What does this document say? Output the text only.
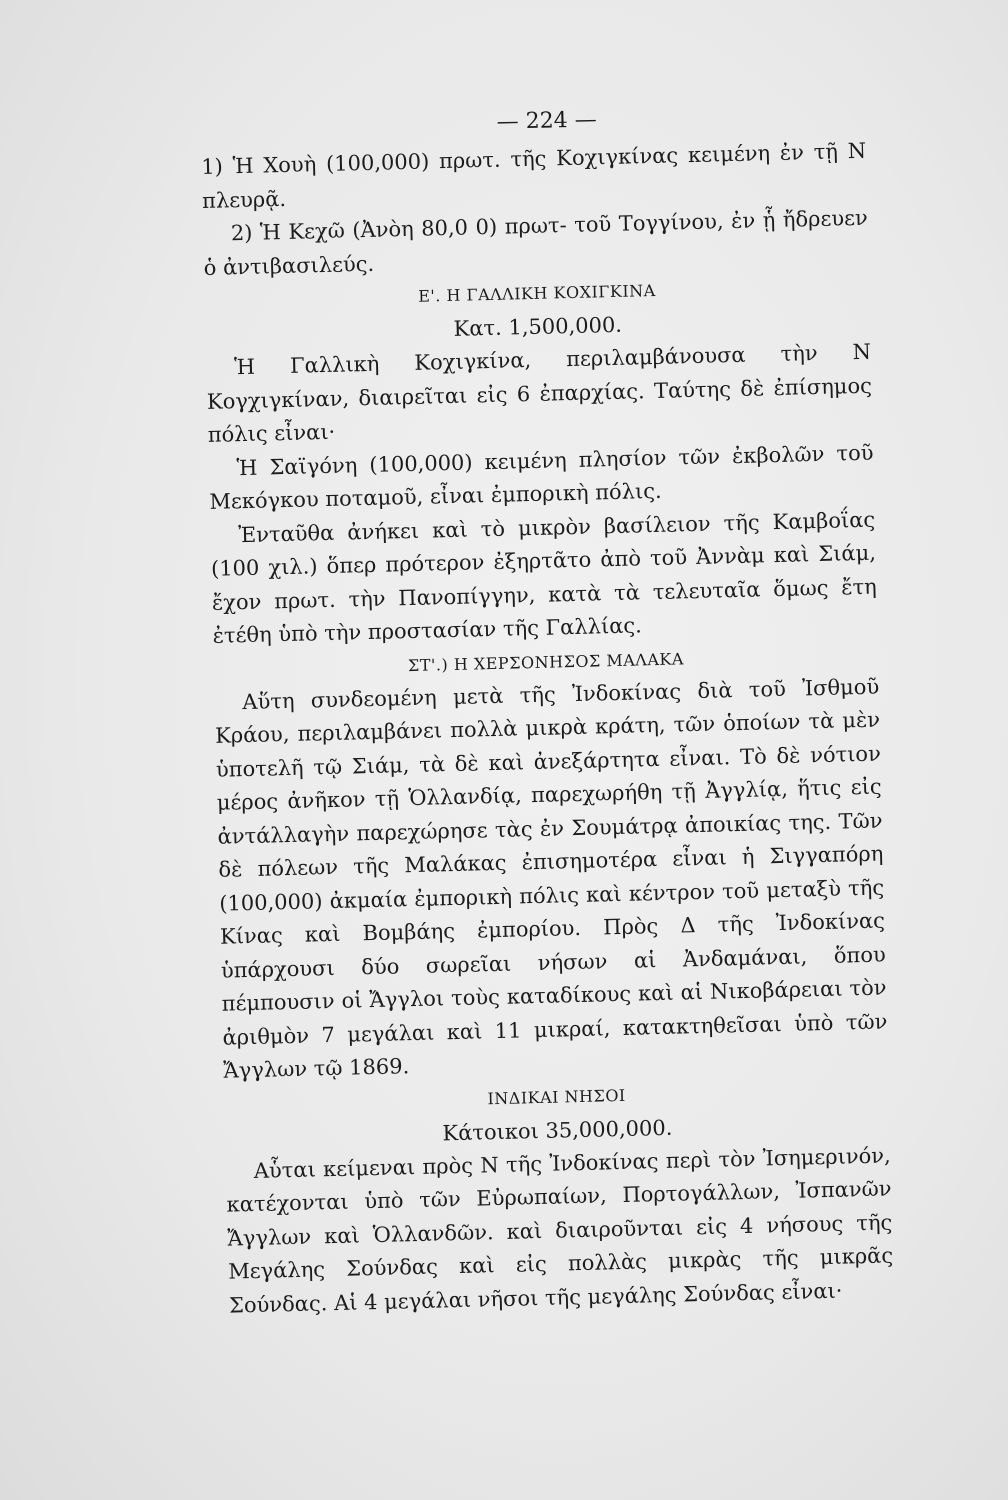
— 224 —

1) Ἡ Χουὴ (100,000) πρωτ. τῆς Κοχιγκίνας κειμένη ἐν τῇ Ν πλευρᾷ.

2) Ἡ Κεχῶ (Ἀνὸη 80,0 0) πρωτ- τοῦ Τογγίνου, ἐν ᾗ ἤδρευεν ὁ ἀντιβασιλεύς.

Ε'. Η ΓΑΛΛΙΚΗ ΚΟΧΙΓΚΙΝΑ
Κατ. 1,500,000.

Ἡ Γαλλικὴ Κοχιγκίνα, περιλαμβάνουσα τὴν Ν Κογχιγκίναν, διαιρεῖται εἰς 6 ἐπαρχίας. Ταύτης δὲ ἐπίσημος πόλις εἶναι·

Ἡ Σαϊγόνη (100,000) κειμένη πλησίον τῶν ἐκβολῶν τοῦ Μεκόγκου ποταμοῦ, εἶναι ἐμπορικὴ πόλις.

Ἐνταῦθα ἀνήκει καὶ τὸ μικρὸν βασίλειον τῆς Καμβοΐας (100 χιλ.) ὅπερ πρότερον ἐξηρτᾶτο ἀπὸ τοῦ Ἀννὰμ καὶ Σιάμ, ἔχον πρωτ. τὴν Πανοπίγγην, κατὰ τὰ τελευταῖα ὅμως ἔτη ἐτέθη ὑπὸ τὴν προστασίαν τῆς Γαλλίας.

ΣΤ'.) Η ΧΕΡΣΟΝΗΣΟΣ ΜΑΛΑΚΑ

Αὕτη συνδεομένη μετὰ τῆς Ἰνδοκίνας διὰ τοῦ Ἰσθμοῦ Κράου, περιλαμβάνει πολλὰ μικρὰ κράτη, τῶν ὁποίων τὰ μὲν ὑποτελῆ τῷ Σιάμ, τὰ δὲ καὶ ἀνεξάρτητα εἶναι. Τὸ δὲ νότιον μέρος ἀνῆκον τῇ Ὁλλανδίᾳ, παρεχωρήθη τῇ Ἀγγλίᾳ, ἥτις εἰς ἀντάλλαγὴν παρεχώρησε τὰς ἐν Σουμάτρᾳ ἀποικίας της. Τῶν δὲ πόλεων τῆς Μαλάκας ἐπισημοτέρα εἶναι ἡ Σιγγαπόρη (100,000) ἀκμαία ἐμπορικὴ πόλις καὶ κέντρον τοῦ μεταξὺ τῆς Κίνας καὶ Βομβάης ἐμπορίου. Πρὸς Δ τῆς Ἰνδοκίνας ὑπάρχουσι δύο σωρεῖαι νήσων αἱ Ἀνδαμάναι, ὅπου πέμπουσιν οἱ Ἄγγλοι τοὺς καταδίκους καὶ αἱ Νικοβάρειαι τὸν ἀριθμὸν 7 μεγάλαι καὶ 11 μικραί, κατακτηθεῖσαι ὑπὸ τῶν Ἄγγλων τῷ 1869.

ΙΝΔΙΚΑΙ ΝΗΣΟΙ
Κάτοικοι 35,000,000.

Αὗται κείμεναι πρὸς Ν τῆς Ἰνδοκίνας περὶ τὸν Ἰσημερινόν, κατέχονται ὑπὸ τῶν Εὐρωπαίων, Πορτογάλλων, Ἰσπανῶν Ἄγγλων καὶ Ὁλλανδῶν. καὶ διαιροῦνται εἰς 4 νήσους τῆς Μεγάλης Σούνδας καὶ εἰς πολλὰς μικρὰς τῆς μικρᾶς Σούνδας. Αἱ 4 μεγάλαι νῆσοι τῆς μεγάλης Σούνδας εἶναι·
